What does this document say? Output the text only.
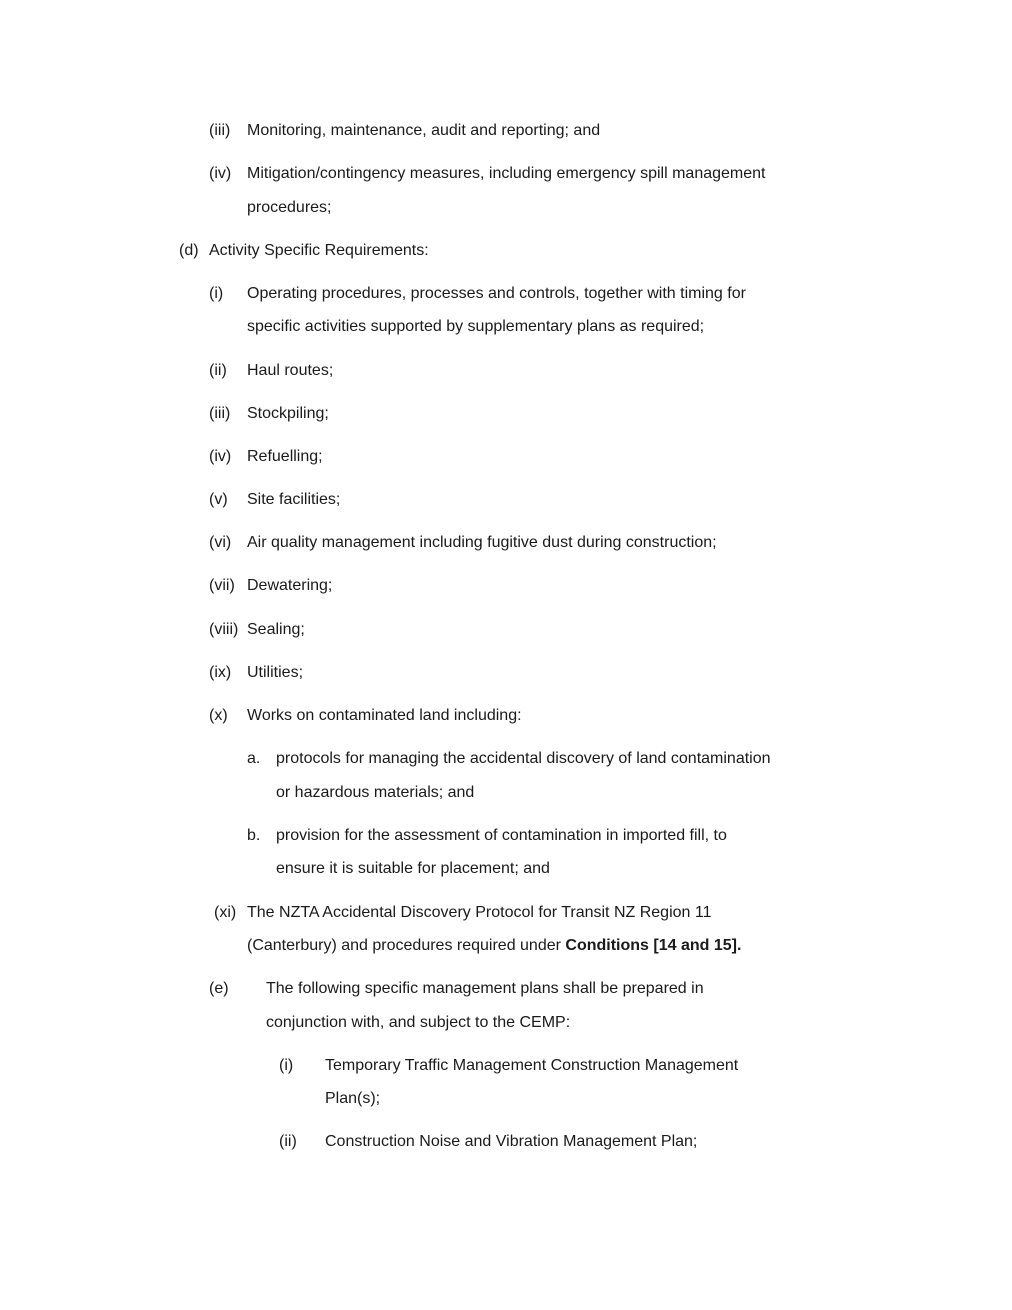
(iii) Monitoring, maintenance, audit and reporting; and
(iv) Mitigation/contingency measures, including emergency spill management
procedures;
(d) Activity Specific Requirements:
(i) Operating procedures, processes and controls, together with timing for
specific activities supported by supplementary plans as required;
(ii) Haul routes;
(iii) Stockpiling;
(iv) Refuelling;
(v) Site facilities;
(vi) Air quality management including fugitive dust during construction;
(vii) Dewatering;
(viii) Sealing;
(ix) Utilities;
(x) Works on contaminated land including:
a. protocols for managing the accidental discovery of land contamination
or hazardous materials; and
b. provision for the assessment of contamination in imported fill, to
ensure it is suitable for placement; and
(xi) The NZTA Accidental Discovery Protocol for Transit NZ Region 11
(Canterbury) and procedures required under Conditions [14 and 15].
(e) The following specific management plans shall be prepared in
conjunction with, and subject to the CEMP:
(i) Temporary Traffic Management Construction Management
Plan(s);
(ii) Construction Noise and Vibration Management Plan;
